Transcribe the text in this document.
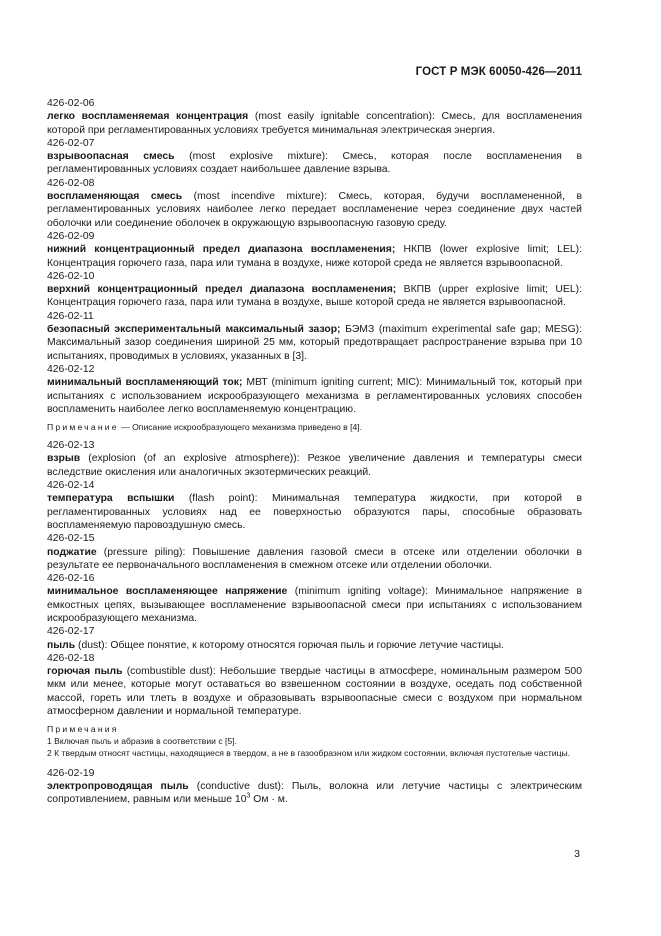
ГОСТ Р МЭК 60050-426—2011

426-02-06

легко воспламеняемая концентрация (most easily ignitable concentration): Смесь, для воспламенения которой при регламентированных условиях требуется минимальная электрическая энергия.

426-02-07

взрывоопасная смесь (most explosive mixture): Смесь, которая после воспламенения в регламентированных условиях создает наибольшее давление взрыва.

426-02-08

воспламеняющая смесь (most incendive mixture): Смесь, которая, будучи воспламененной, в регламентированных условиях наиболее легко передает воспламенение через соединение двух частей оболочки или соединение оболочек в окружающую взрывоопасную газовую среду.

426-02-09

нижний концентрационный предел диапазона воспламенения; НКПВ (lower explosive limit; LEL): Концентрация горючего газа, пара или тумана в воздухе, ниже которой среда не является взрывоопасной.

426-02-10

верхний концентрационный предел диапазона воспламенения; ВКПВ (upper explosive limit; UEL): Концентрация горючего газа, пара или тумана в воздухе, выше которой среда не является взрывоопасной.

426-02-11

безопасный экспериментальный максимальный зазор; БЭМЗ (maximum experimental safe gap; MESG): Максимальный зазор соединения шириной 25 мм, который предотвращает распространение взрыва при 10 испытаниях, проводимых в условиях, указанных в [3].

426-02-12

минимальный воспламеняющий ток; МВТ (minimum igniting current; MIC): Минимальный ток, который при испытаниях с использованием искрообразующего механизма в регламентированных условиях способен воспламенить наиболее легко воспламеняемую концентрацию.

Примечание — Описание искрообразующего механизма приведено в [4].

426-02-13

взрыв (explosion (of an explosive atmosphere)): Резкое увеличение давления и температуры смеси вследствие окисления или аналогичных экзотермических реакций.

426-02-14

температура вспышки (flash point): Минимальная температура жидкости, при которой в регламентированных условиях над ее поверхностью образуются пары, способные образовать воспламеняемую паровоздушную смесь.

426-02-15

поджатие (pressure piling): Повышение давления газовой смеси в отсеке или отделении оболочки в результате ее первоначального воспламенения в смежном отсеке или отделении оболочки.

426-02-16

минимальное воспламеняющее напряжение (minimum igniting voltage): Минимальное напряжение в емкостных цепях, вызывающее воспламенение взрывоопасной смеси при испытаниях с использованием искрообразующего механизма.

426-02-17

пыль (dust): Общее понятие, к которому относятся горючая пыль и горючие летучие частицы.

426-02-18

горючая пыль (combustible dust): Небольшие твердые частицы в атмосфере, номинальным размером 500 мкм или менее, которые могут оставаться во взвешенном состоянии в воздухе, оседать под собственной массой, гореть или тлеть в воздухе и образовывать взрывоопасные смеси с воздухом при нормальном атмосферном давлении и нормальной температуре.

Примечания
1 Включая пыль и абразив в соответствии с [5].
2 К твердым относят частицы, находящиеся в твердом, а не в газообразном или жидком состоянии, включая пустотелые частицы.

426-02-19

электропроводящая пыль (conductive dust): Пыль, волокна или летучие частицы с электрическим сопротивлением, равным или меньше $10^3$ Ом · м.

3
